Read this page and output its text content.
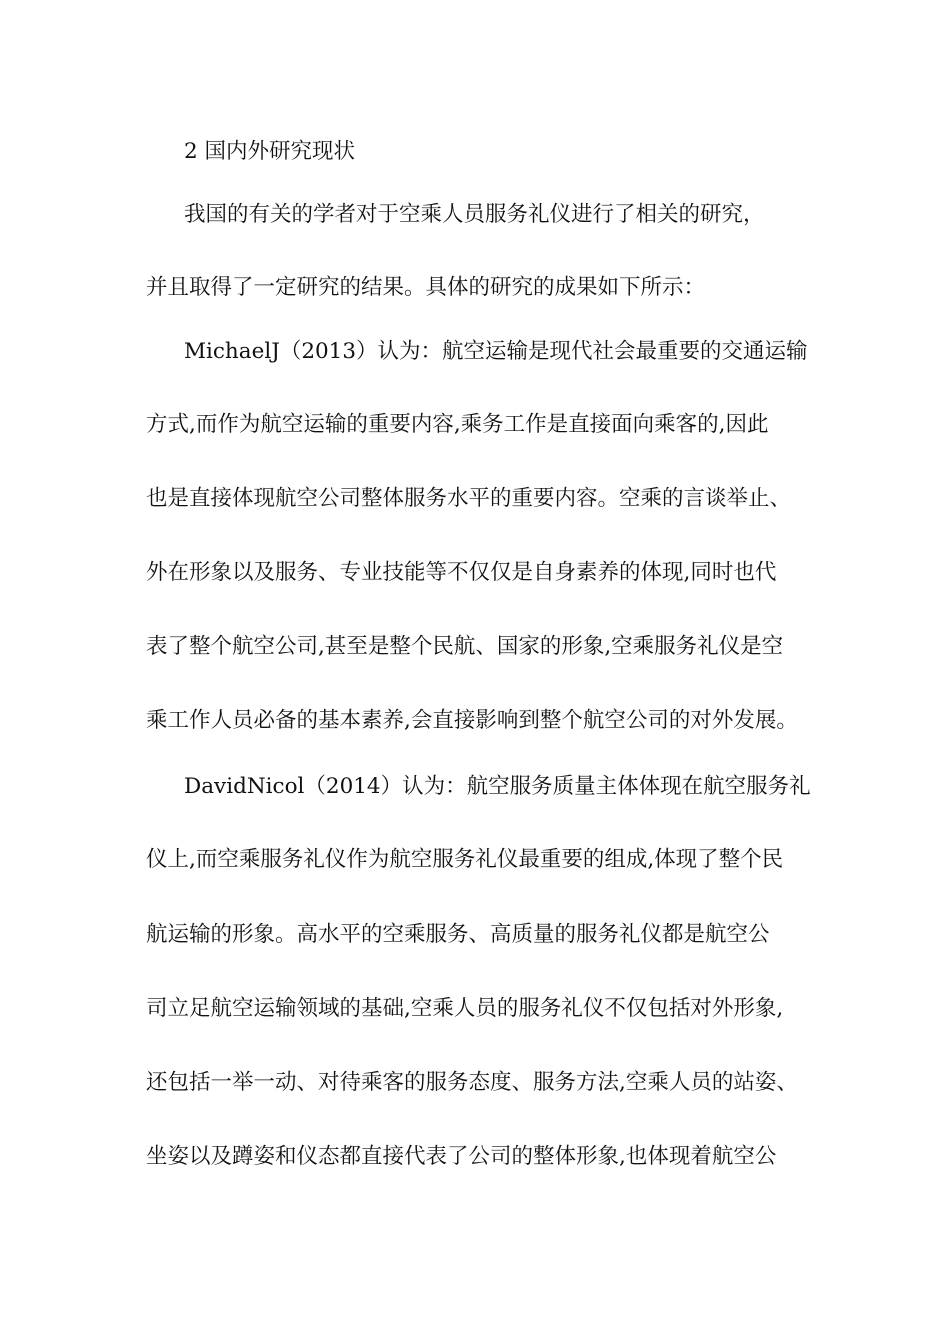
2 国内外研究现状
我国的有关的学者对于空乘人员服务礼仪进行了相关的研究，
并且取得了一定研究的结果。具体的研究的成果如下所示：
MichaelJ（2013）认为：航空运输是现代社会最重要的交通运输
方式,而作为航空运输的重要内容,乘务工作是直接面向乘客的,因此
也是直接体现航空公司整体服务水平的重要内容。空乘的言谈举止、
外在形象以及服务、专业技能等不仅仅是自身素养的体现,同时也代
表了整个航空公司,甚至是整个民航、国家的形象,空乘服务礼仪是空
乘工作人员必备的基本素养,会直接影响到整个航空公司的对外发展。
DavidNicol（2014）认为：航空服务质量主体体现在航空服务礼
仪上,而空乘服务礼仪作为航空服务礼仪最重要的组成,体现了整个民
航运输的形象。高水平的空乘服务、高质量的服务礼仪都是航空公
司立足航空运输领域的基础,空乘人员的服务礼仪不仅包括对外形象,
还包括一举一动、对待乘客的服务态度、服务方法,空乘人员的站姿、
坐姿以及蹲姿和仪态都直接代表了公司的整体形象,也体现着航空公
